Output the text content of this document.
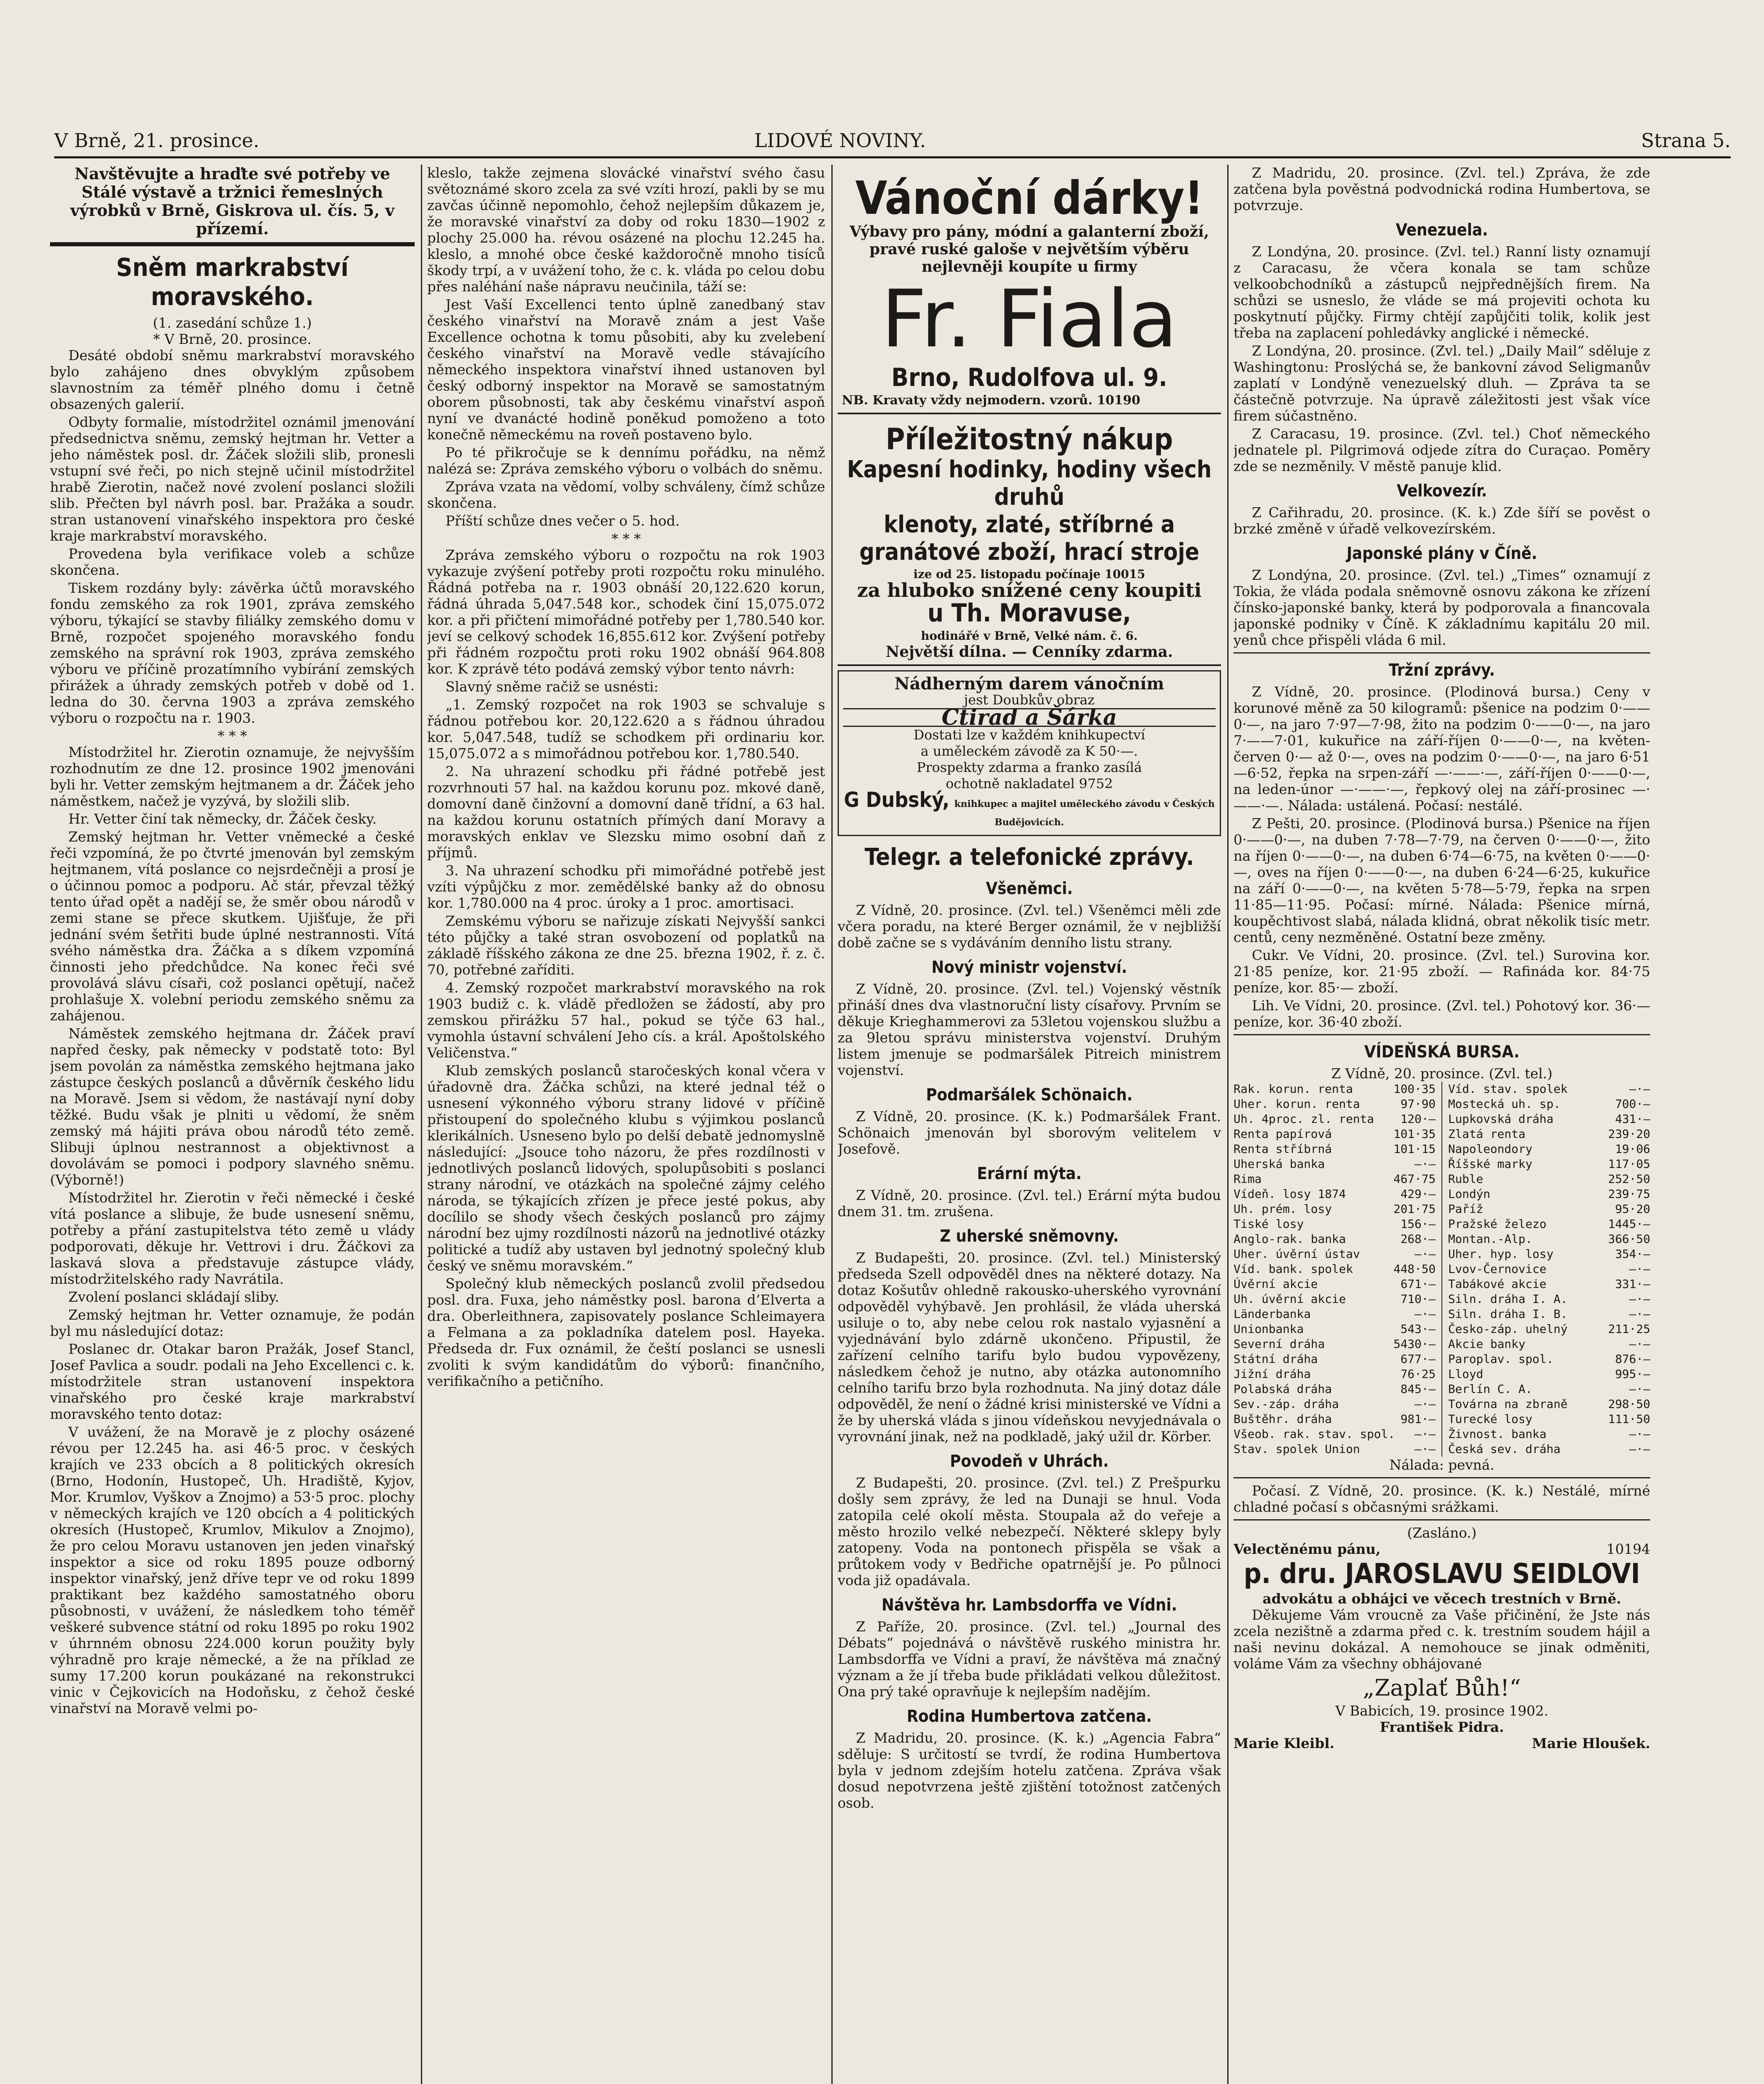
V Brně, 21. prosince.	LIDOVÉ NOVINY.	Strana 5.
Navštěvujte a hraďte své potřeby ve Stálé výstavě a tržnici řemeslných výrobků v Brně, Giskrova ul. čís. 5, v přízemí.
Sněm markrabství moravského.
(1. zasedání schůze 1.)
* V Brně, 20. prosince.

Desáté období sněmu markrabství moravského bylo zahájeno dnes obvyklým způsobem slavnostním za téměř plného domu i četně obsazených galerií.

Odbyty formalie, místodržitel oznámil jmenování předsednictva sněmu, zemský hejtman hr. Vetter a jeho náměstek posl. dr. Žáček složili slib, pronesli vstupní své řeči, po nich stejně učinil místodržitel hrabě Zierotin, načež nové zvolení poslanci složili slib. Přečten byl návrh posl. bar. Pražáka a soudr. stran ustanovení vinařského inspektora pro české kraje markrabství moravského.

Provedena byla verifikace voleb a schůze skončena.

Tiskem rozdány byly: závěrka účtů moravského fondu zemského za rok 1901, zpráva zemského výboru, týkající se stavby filiálky zemského domu v Brně, rozpočet spojeného moravského fondu zemského na správní rok 1903, zpráva zemského výboru ve příčině prozatímního vybírání zemských přirážek a úhrady zemských potřeb v době od 1. ledna do 30. června 1903 a zpráva zemského výboru o rozpočtu na r. 1903.

* * *

Místodržitel hr. Zierotin oznamuje, že nejvyšším rozhodnutím ze dne 12. prosince 1902 jmenováni byli hr. Vetter zemským hejtmanem a dr. Žáček jeho náměstkem, načež je vyzývá, by složili slib.

Hr. Vetter činí tak německy, dr. Žáček česky.

Zemský hejtman hr. Vetter vněmecké a české řeči vzpomíná, že po čtvrté jmenován byl zemským hejtmanem, vítá poslance co nejsrdečněji a prosí je o účinnou pomoc a podporu. Ač stár, převzal těžký tento úřad opět a nadějí se, že směr obou národů v zemi stane se přece skutkem. Ujišťuje, že při jednání svém šetřiti bude úplné nestrannosti. Vítá svého náměstka dra. Žáčka a s díkem vzpomíná činnosti jeho předchůdce. Na konec řeči své provolává slávu císaři, což poslanci opětují, načež prohlašuje X. volební periodu zemského sněmu za zahájenou.

Náměstek zemského hejtmana dr. Žáček praví napřed česky, pak německy v podstatě toto: Byl jsem povolán za náměstka zemského hejtmana jako zástupce českých poslanců a důvěrník českého lidu na Moravě. Jsem si vědom, že nastávají nyní doby těžké. Budu však je plniti u vědomí, že sněm zemský má hájiti práva obou národů této země. Slibuji úplnou nestrannost a objektivnost a dovolávám se pomoci i podpory slavného sněmu. (Výborně!)

Místodržitel hr. Zierotin v řeči německé i české vítá poslance a slibuje, že bude usnesení sněmu, potřeby a přání zastupitelstva této země u vlády podporovati, děkuje hr. Vettrovi i dru. Žáčkovi za laskavá slova a představuje zástupce vlády, místodržitelského rady Navrátila.

Zvolení poslanci skládají sliby.

Zemský hejtman hr. Vetter oznamuje, že podán byl mu následující dotaz:

Poslanec dr. Otakar baron Pražák, Josef Stancl, Josef Pavlica a soudr. podali na Jeho Excellenci c. k. místodržitele stran ustanovení inspektora vinařského pro české kraje markrabství moravského tento dotaz:

V uvážení, že na Moravě je z plochy osázené révou per 12.245 ha. asi 46·5 proc. v českých krajích ve 233 obcích a 8 politických okresích (Brno, Hodonín, Hustopeč, Uh. Hradiště, Kyjov, Mor. Krumlov, Vyškov a Znojmo) a 53·5 proc. plochy v německých krajích ve 120 obcích a 4 politických okresích (Hustopeč, Krumlov, Mikulov a Znojmo), že pro celou Moravu ustanoven jen jeden vinařský inspektor a sice od roku 1895 pouze odborný inspektor vinařský, jenž dříve tepr ve od roku 1899 praktikant bez každého samostatného oboru působnosti, v uvážení, že následkem toho téměř veškeré subvence státní od roku 1895 po roku 1902 v úhrnném obnosu 224.000 korun použity byly výhradně pro kraje německé, a že na příklad ze sumy 17.200 korun poukázané na rekonstrukci vinic v Čejkovicích na Hodoňsku, z čehož české vinařství na Moravě velmi po-

kleslo, takže zejmena slovácké vinařství svého času světoznámé skoro zcela za své vzíti hrozí, pakli by se mu zavčas účinně nepomohlo, čehož nejlepším důkazem je, že moravské vinařství za doby od roku 1830—1902 z plochy 25.000 ha. révou osázené na plochu 12.245 ha. kleslo, a mnohé obce české každoročně mnoho tisíců škody trpí, a v uvážení toho, že c. k. vláda po celou dobu přes naléhání naše nápravu neučinila, táží se:

Jest Vaší Excellenci tento úplně zanedbaný stav českého vinařství na Moravě znám a jest Vaše Excellence ochotna k tomu působiti, aby ku zvelebení českého vinařství na Moravě vedle stávajícího německého inspektora vinařství ihned ustanoven byl český odborný inspektor na Moravě se samostatným oborem působnosti, tak aby českému vinařství aspoň nyní ve dvanácté hodině poněkud pomoženo a toto konečně německému na roveň postaveno bylo.

Po té přikročuje se k dennímu pořádku, na němž nalézá se: Zpráva zemského výboru o volbách do sněmu.

Zpráva vzata na vědomí, volby schváleny, čímž schůze skončena.

Příští schůze dnes večer o 5. hod.

* * *

Zpráva zemského výboru o rozpočtu na rok 1903 vykazuje zvýšení potřeby proti rozpočtu roku minulého. Řádná potřeba na r. 1903 obnáší 20,122.620 korun, řádná úhrada 5,047.548 kor., schodek činí 15,075.072 kor. a při přičtení mimořádné potřeby per 1,780.540 kor. jeví se celkový schodek 16,855.612 kor. Zvýšení potřeby při řádném rozpočtu proti roku 1902 obnáší 964.808 kor. K zprávě této podává zemský výbor tento návrh:

Slavný sněme račiž se usnésti:

„1. Zemský rozpočet na rok 1903 se schvaluje s řádnou potřebou kor. 20,122.620 a s řádnou úhradou kor. 5,047.548, tudíž se schodkem při ordinariu kor. 15,075.072 a s mimořádnou potřebou kor. 1,780.540.

2. Na uhrazení schodku při řádné potřebě jest rozvrhnouti 57 hal. na každou korunu poz. mkové daně, domovní daně činžovní a domovní daně třídní, a 63 hal. na každou korunu ostatních přímých daní Moravy a moravských enklav ve Slezsku mimo osobní daň z příjmů.

3. Na uhrazení schodku při mimořádné potřebě jest vzíti výpůjčku z mor. zemědělské banky až do obnosu kor. 1,780.000 na 4 proc. úroky a 1 proc. amortisaci.

Zemskému výboru se nařizuje získati Nejvyšší sankci této půjčky a také stran osvobození od poplatků na základě říšského zákona ze dne 25. března 1902, ř. z. č. 70, potřebné zaříditi.

4. Zemský rozpočet markrabství moravského na rok 1903 budiž c. k. vládě předložen se žádostí, aby pro zemskou přirážku 57 hal., pokud se týče 63 hal., vymohla ústavní schválení Jeho cís. a král. Apoštolského Veličenstva.“

Klub zemských poslanců staročeských konal včera v úřadovně dra. Žáčka schůzi, na které jednal též o usnesení výkonného výboru strany lidové v příčině přistoupení do společného klubu s výjimkou poslanců klerikálních. Usneseno bylo po delší debatě jednomyslně následující: „Jsouce toho názoru, že přes rozdílnosti v jednotlivých poslanců lidových, spolupůsobiti s poslanci strany národní, ve otázkách na společné zájmy celého národa, se týkajících zřízen je přece jesté pokus, aby docílilo se shody všech českých poslanců pro zájmy národní bez ujmy rozdílnosti názorů na jednotlivé otázky politické a tudíž aby ustaven byl jednotný společný klub český ve sněmu moravském.“

Společný klub německých poslanců zvolil předsedou posl. dra. Fuxa, jeho náměstky posl. barona d’Elverta a dra. Oberleithnera, zapisovately poslance Schleimayera a Felmana a za pokladníka datelem posl. Hayeka. Předseda dr. Fux oznámil, že čeští poslanci se usnesli zvoliti k svým kandidátům do výborů: finančního, verifikačního a petičního.

Vánoční dárky!
Výbavy pro pány, módní a galanterní zboží, pravé ruské galoše v největším výběru nejlevněji koupíte u firmy
Fr. Fiala
Brno, Rudolfova ul. 9.
NB. Kravaty vždy nejmodern. vzorů. 10190
Příležitostný nákup
Kapesní hodinky, hodiny všech druhů
klenoty, zlaté, stříbrné a granátové zboží, hrací stroje
ize od 25. listopadu počínaje 10015
za hluboko snížené ceny koupiti
u Th. Moravuse,
hodinářé v Brně, Velké nám. č. 6.
Největší dílna. — Cenníky zdarma.
Nádherným darem vánočním
jest Doubkův obraz
Ctirad a Šárka
Dostati lze v každém knihkupectví
a uměleckém závodě za K 50·—.
Prospekty zdarma a franko zasílá
ochotně nakladatel 9752
G Dubský, knihkupec a majitel uměleckého závodu v Českých Budějovicích.
Telegr. a telefonické zprávy.
Všeněmci.

Z Vídně, 20. prosince. (Zvl. tel.) Všeněmci měli zde včera poradu, na které Berger oznámil, že v nejbližší době začne se s vydáváním denního listu strany.

Nový ministr vojenství.

Z Vídně, 20. prosince. (Zvl. tel.) Vojenský věstník přináší dnes dva vlastnoruční listy císařovy. Prvním se děkuje Krieghammerovi za 53letou vojenskou službu a za 9letou správu ministerstva vojenství. Druhým listem jmenuje se podmaršálek Pitreich ministrem vojenství.

Podmaršálek Schönaich.

Z Vídně, 20. prosince. (K. k.) Podmaršálek Frant. Schönaich jmenován byl sborovým velitelem v Josefově.

Erární mýta.

Z Vídně, 20. prosince. (Zvl. tel.) Erární mýta budou dnem 31. tm. zrušena.

Z uherské sněmovny.

Z Budapešti, 20. prosince. (Zvl. tel.) Ministerský předseda Szell odpověděl dnes na některé dotazy. Na dotaz Košutův ohledně rakousko-uherského vyrovnání odpověděl vyhýbavě. Jen prohlásil, že vláda uherská usiluje o to, aby nebe celou rok nastalo vyjasnění a vyjednávání bylo zdárně ukončeno. Připustil, že zařízení celního tarifu bylo budou vypovězeny, následkem čehož je nutno, aby otázka autonomního celního tarifu brzo byla rozhodnuta. Na jiný dotaz dále odpověděl, že není o žádné krisi ministerské ve Vídni a že by uherská vláda s jinou vídeňskou nevyjednávala o vyrovnání jinak, než na podkladě, jaký užil dr. Körber.

Povodeň v Uhrách.

Z Budapešti, 20. prosince. (Zvl. tel.) Z Prešpurku došly sem zprávy, že led na Dunaji se hnul. Voda zatopila celé okolí města. Stoupala až do veřeje a město hrozilo velké nebezpečí. Některé sklepy byly zatopeny. Voda na pontonech přispěla se však a průtokem vody v Bedřiche opatrnější je. Po půlnoci voda již opadávala.

Návštěva hr. Lambsdorffa ve Vídni.

Z Paříže, 20. prosince. (Zvl. tel.) „Journal des Débats“ pojednává o návštěvě ruského ministra hr. Lambsdorffa ve Vídni a praví, že návštěva má značný význam a že jí třeba bude přikládati velkou důležitost. Ona prý také opravňuje k nejlepším nadějím.

Rodina Humbertova zatčena.

Z Madridu, 20. prosince. (K. k.) „Agencia Fabra“ sděluje: S určitostí se tvrdí, že rodina Humbertova byla v jednom zdejším hotelu zatčena. Zpráva však dosud nepotvrzena ještě zjištění totožnost zatčených osob.

Z Madridu, 20. prosince. (Zvl. tel.) Zpráva, že zde zatčena byla pověstná podvodnická rodina Humbertova, se potvrzuje.

Venezuela.

Z Londýna, 20. prosince. (Zvl. tel.) Ranní listy oznamují z Caracasu, že včera konala se tam schůze velkoobchodníků a zástupců nejpřednějších firem. Na schůzi se usneslo, že vláde se má projeviti ochota ku poskytnutí půjčky. Firmy chtějí zapůjčiti tolik, kolik jest třeba na zaplacení pohledávky anglické i německé.

Z Londýna, 20. prosince. (Zvl. tel.) „Daily Mail“ sděluje z Washingtonu: Proslýchá se, že bankovní závod Seligmanův zaplatí v Londýně venezuelský dluh. — Zpráva ta se částečně potvrzuje. Na úpravě záležitosti jest však více firem súčastněno.

Z Caracasu, 19. prosince. (Zvl. tel.) Choť německého jednatele pl. Pilgrimová odjede zítra do Curaçao. Poměry zde se nezměnily. V městě panuje klid.

Velkovezír.

Z Cařihradu, 20. prosince. (K. k.) Zde šíří se pověst o brzké změně v úřadě velkovezírském.

Japonské plány v Číně.

Z Londýna, 20. prosince. (Zvl. tel.) „Times“ oznamují z Tokia, že vláda podala sněmovně osnovu zákona ke zřízení čínsko-japonské banky, která by podporovala a financovala japonské podniky v Číně. K základnímu kapitálu 20 mil. yenů chce přispěli vláda 6 mil.

Tržní zprávy.

Z Vídně, 20. prosince. (Plodinová bursa.) Ceny v korunové měně za 50 kilogramů: pšenice na podzim 0·——0·—, na jaro 7·97—7·98, žito na podzim 0·——0·—, na jaro 7·——7·01, kukuřice na září-říjen 0·——0·—, na květen-červen 0·— až 0·—, oves na podzim 0·——0·—, na jaro 6·51—6·52, řepka na srpen-září —·——·—, září-říjen 0·——0·—, na leden-únor —·——·—, řepkový olej na září-prosinec —·——·—. Nálada: ustálená. Počasí: nestálé.

Z Pešti, 20. prosince. (Plodinová bursa.) Pšenice na říjen 0·——0·—, na duben 7·78—7·79, na červen 0·——0·—, žito na říjen 0·——0·—, na duben 6·74—6·75, na květen 0·——0·—, oves na říjen 0·——0·—, na duben 6·24—6·25, kukuřice na září 0·——0·—, na květen 5·78—5·79, řepka na srpen 11·85—11·95. Počasí: mírné. Nálada: Pšenice mírná, koupěchtivost slabá, nálada klidná, obrat několik tisíc metr. centů, ceny nezměněné. Ostatní beze změny.

Cukr. Ve Vídni, 20. prosince. (Zvl. tel.) Surovina kor. 21·85 peníze, kor. 21·95 zboží. — Rafináda kor. 84·75 peníze, kor. 85·— zboží.

Lih. Ve Vídni, 20. prosince. (Zvl. tel.) Pohotový kor. 36·— peníze, kor. 36·40 zboží.

VÍDEŇSKÁ BURSA.
Z Vídně, 20. prosince. (Zvl. tel.)
Rak. korun. renta	100·35
Uher. korun. renta	97·90
Uh. 4proc. zl. renta 120·—
Renta papírová	101·35
Renta stříbrná	101·15
Uherská banka	—·—
Rima	467·75
Vídeň. losy 1874	429·—
Uh. prém. losy	201·75
Tiské losy	156·—
Anglo-rak. banka	268·—
Uher. úvěrní ústav	—·—
Víd. bank. spolek	448·50
Úvěrní akcie	671·—
Uh. úvěrní akcie	710·—
Länderbanka	—·—
Unionbanka	543·—
Severní dráha	5430·—
Státní dráha	677·—
Jižní dráha	76·25
Polabská dráha	845·—
Sev.-záp. dráha	—·—
Buštěhr. dráha	981·—
Všeob. rak. stav. spol. —·—
Stav. spolek Union	—·—
Víd. stav. spolek	—·—
Mostecká uh. sp.	700·—
Lupkovská dráha	431·—
Zlatá renta	239·20
Napoleondory	19·06
Říšské marky	117·05
Ruble	252·50
Londýn	239·75
Paříž	95·20
Pražské železo	1445·—
Montan.-Alp.	366·50
Uher. hyp. losy	354·—
Lvov-Černovice	—·—
Tabákové akcie	331·—
Siln. dráha I. A.	—·—
Siln. dráha I. B.	—·—
Česko-záp. uhelný	211·25
Akcie banky	—·—
Paroplav. spol.	876·—
Lloyd	995·—
Berlín C. A.	—·—
Továrna na zbraně	298·50
Turecké losy	111·50
Živnost. banka	—·—
Česká sev. dráha	—·—
Nálada: pevná.

Počasí. Z Vídně, 20. prosince. (K. k.) Nestálé, mírné chladné počasí s občasnými srážkami.

(Zasláno.)
Velectěnému pánu,	10194
p. dru. JAROSLAVU SEIDLOVI
advokátu a obhájci ve věcech trestních v Brně.

Děkujeme Vám vroucně za Vaše přičinění, že Jste nás zcela nezištně a zdarma před c. k. trestním soudem hájil a naši nevinu dokázal. A nemohouce se jinak odměniti, voláme Vám za všechny obhájované

„Zaplať Bůh!“
V Babicích, 19. prosince 1902.
František Pidra.
Marie Kleibl.	Marie Hloušek.
